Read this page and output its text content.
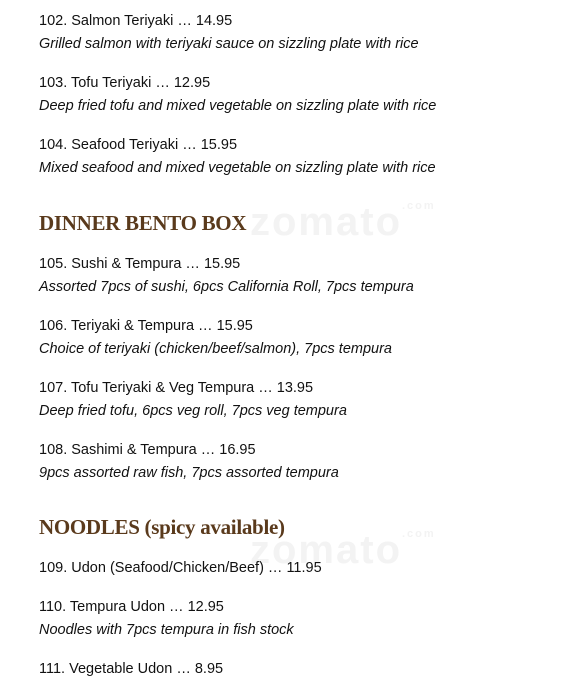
zomato$^{.com}$
zomato$^{.com}$

102. Salmon Teriyaki … 14.95

Grilled salmon with teriyaki sauce on sizzling plate with rice

103. Tofu Teriyaki … 12.95

Deep fried tofu and mixed vegetable on sizzling plate with rice

104. Seafood Teriyaki … 15.95

Mixed seafood and mixed vegetable on sizzling plate with rice

DINNER BENTO BOX

105. Sushi & Tempura … 15.95

Assorted 7pcs of sushi, 6pcs California Roll, 7pcs tempura

106. Teriyaki & Tempura … 15.95

Choice of teriyaki (chicken/beef/salmon), 7pcs tempura

107. Tofu Teriyaki & Veg Tempura … 13.95

Deep fried tofu, 6pcs veg roll, 7pcs veg tempura

108. Sashimi & Tempura … 16.95

9pcs assorted raw fish, 7pcs assorted tempura

NOODLES (spicy available)

109. Udon (Seafood/Chicken/Beef) … 11.95

110. Tempura Udon … 12.95

Noodles with 7pcs tempura in fish stock

111. Vegetable Udon … 8.95
